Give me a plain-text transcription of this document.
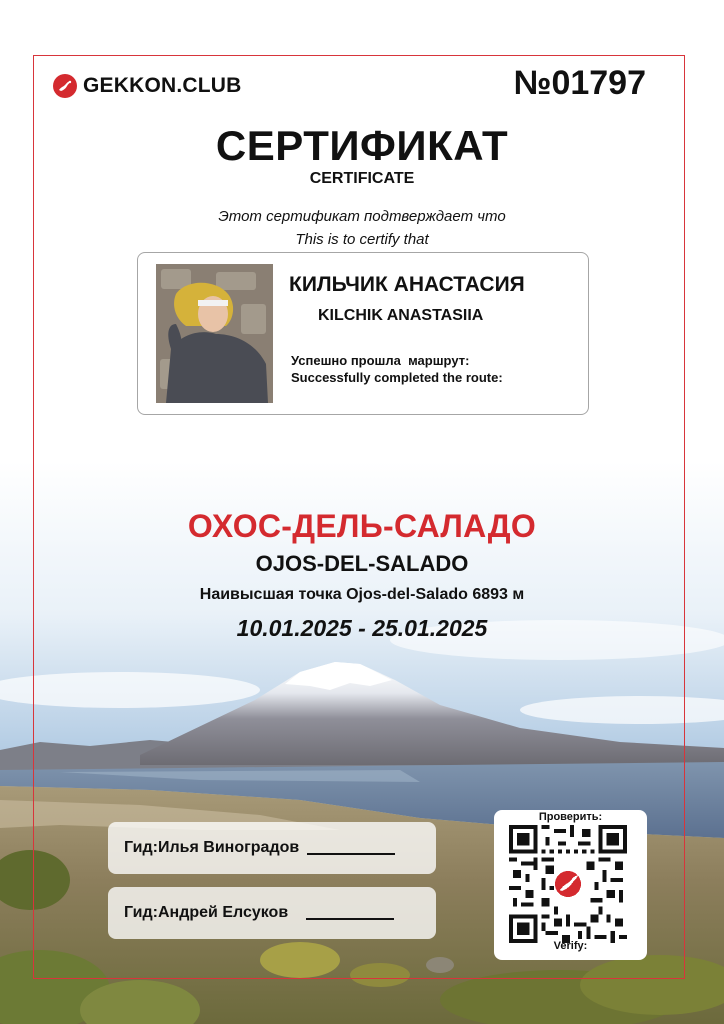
GEKKON.CLUB	№01797
СЕРТИФИКАТ
CERTIFICATE
Этот сертификат подтверждает что
This is to certify that
КИЛЬЧИК АНАСТАСИЯ
KILCHIK ANASTASIIA
Успешно прошла  маршрут:
Successfully completed the route:
ОХОС-ДЕЛЬ-САЛАДО
OJOS-DEL-SALADO
Наивысшая точка Ojos-del-Salado 6893 м
10.01.2025 - 25.01.2025
Гид:Илья Виноградов
Гид:Андрей Елсуков
Проверить:
Verify:
